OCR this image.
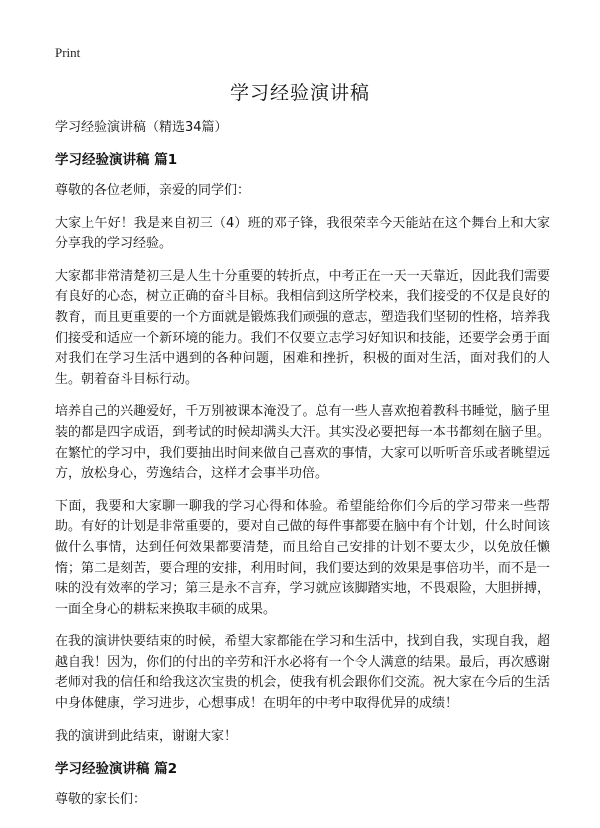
Print
学习经验演讲稿

学习经验演讲稿（精选34篇）

学习经验演讲稿 篇1

尊敬的各位老师，亲爱的同学们：

大家上午好！我是来自初三（4）班的邓子锋，我很荣幸今天能站在这个舞台上和大家分享我的学习经验。

大家都非常清楚初三是人生十分重要的转折点，中考正在一天一天靠近，因此我们需要有良好的心态，树立正确的奋斗目标。我相信到这所学校来，我们接受的不仅是良好的教育，而且更重要的一个方面就是锻炼我们顽强的意志，塑造我们坚韧的性格，培养我们接受和适应一个新环境的能力。我们不仅要立志学习好知识和技能，还要学会勇于面对我们在学习生活中遇到的各种问题，困难和挫折，积极的面对生活，面对我们的人生。朝着奋斗目标行动。

培养自己的兴趣爱好，千万别被课本淹没了。总有一些人喜欢抱着教科书睡觉，脑子里装的都是四字成语，到考试的时候却满头大汗。其实没必要把每一本书都刻在脑子里。在繁忙的学习中，我们要抽出时间来做自己喜欢的事情，大家可以听听音乐或者眺望远方，放松身心，劳逸结合，这样才会事半功倍。

下面，我要和大家聊一聊我的学习心得和体验。希望能给你们今后的学习带来一些帮助。有好的计划是非常重要的，要对自己做的每件事都要在脑中有个计划，什么时间该做什么事情，达到任何效果都要清楚，而且给自己安排的计划不要太少，以免放任懒惰；第二是刻苦，要合理的安排，利用时间，我们要达到的效果是事倍功半，而不是一味的没有效率的学习；第三是永不言弃，学习就应该脚踏实地，不畏艰险，大胆拼搏，一面全身心的耕耘来换取丰硕的成果。

在我的演讲快要结束的时候，希望大家都能在学习和生活中，找到自我，实现自我，超越自我！因为，你们的付出的辛劳和汗水必将有一个令人满意的结果。最后，再次感谢老师对我的信任和给我这次宝贵的机会，使我有机会跟你们交流。祝大家在今后的生活中身体健康，学习进步，心想事成！在明年的中考中取得优异的成绩！

我的演讲到此结束，谢谢大家！

学习经验演讲稿 篇2

尊敬的家长们：
